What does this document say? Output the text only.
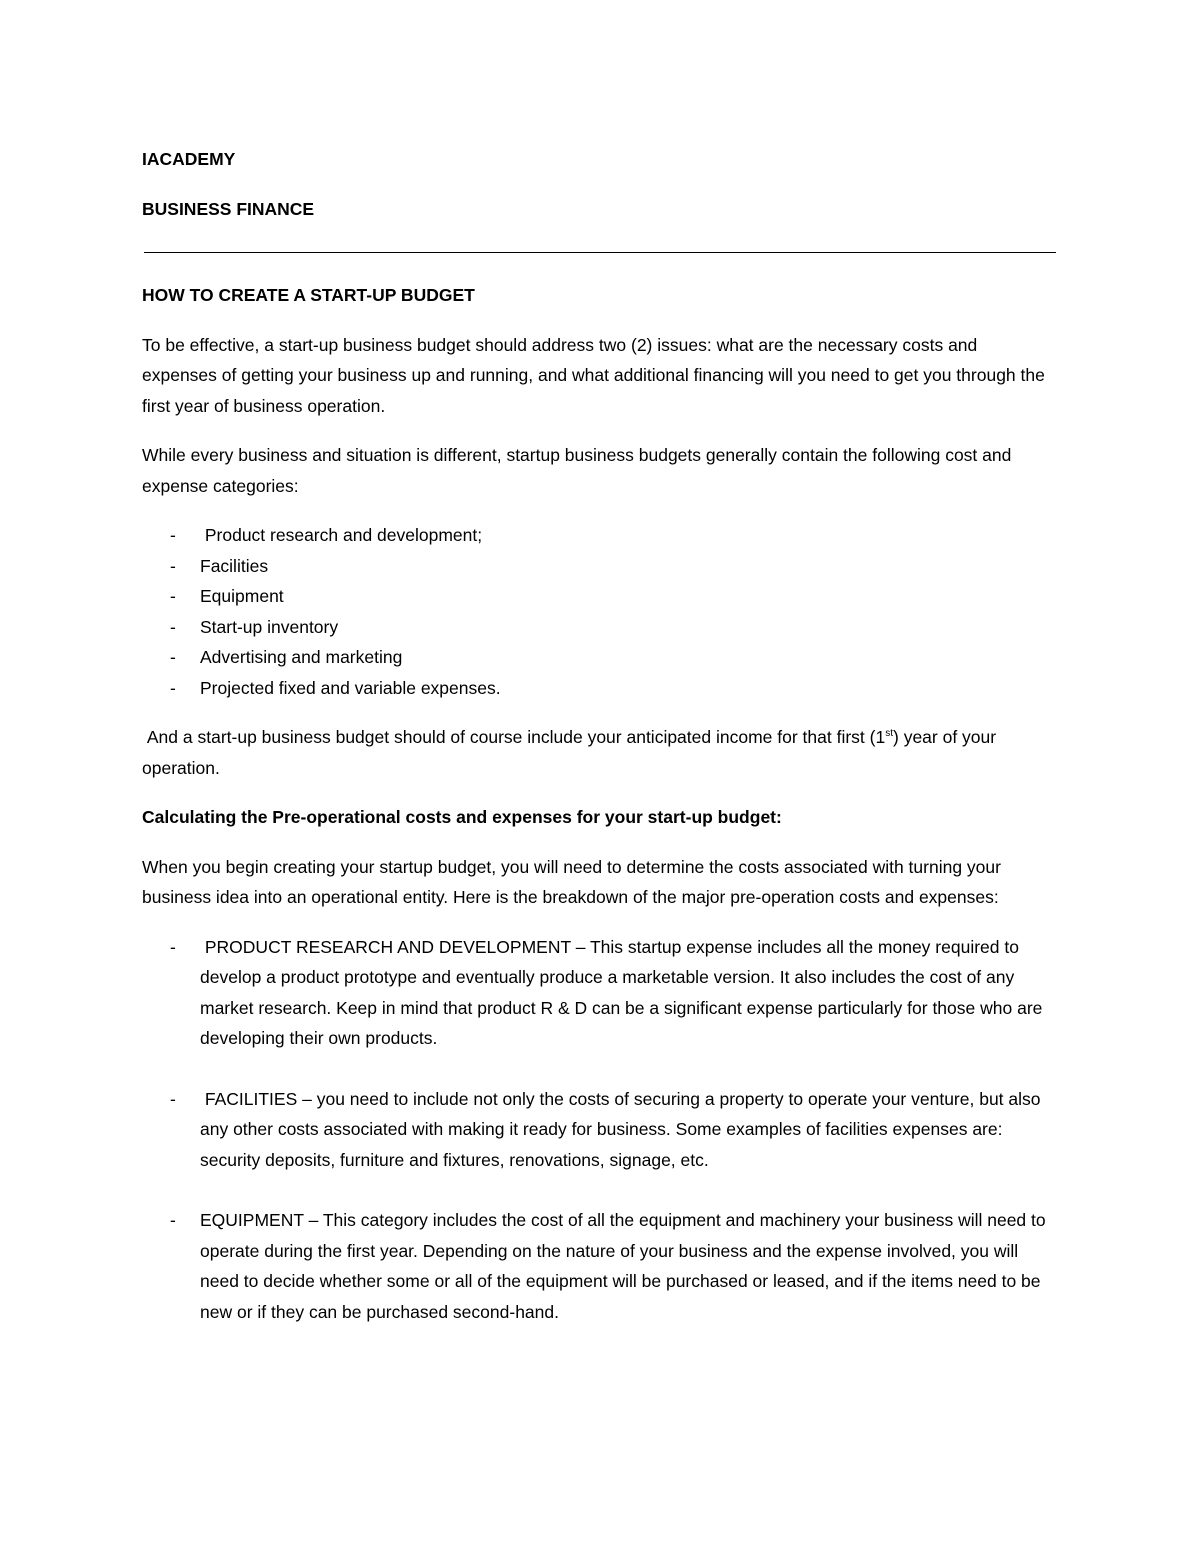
IACADEMY

BUSINESS FINANCE

HOW TO CREATE A START-UP BUDGET

To be effective, a start-up business budget should address two (2) issues: what are the necessary costs and expenses of getting your business up and running, and what additional financing will you need to get you through the first year of business operation.

While every business and situation is different, startup business budgets generally contain the following cost and expense categories:

- Product research and development;
- Facilities
- Equipment
- Start-up inventory
- Advertising and marketing
- Projected fixed and variable expenses.

And a start-up business budget should of course include your anticipated income for that first (1st) year of your operation.

Calculating the Pre-operational costs and expenses for your start-up budget:

When you begin creating your startup budget, you will need to determine the costs associated with turning your business idea into an operational entity. Here is the breakdown of the major pre-operation costs and expenses:

- PRODUCT RESEARCH AND DEVELOPMENT – This startup expense includes all the money required to develop a product prototype and eventually produce a marketable version. It also includes the cost of any market research. Keep in mind that product R & D can be a significant expense particularly for those who are developing their own products.
- FACILITIES – you need to include not only the costs of securing a property to operate your venture, but also any other costs associated with making it ready for business. Some examples of facilities expenses are: security deposits, furniture and fixtures, renovations, signage, etc.
- EQUIPMENT – This category includes the cost of all the equipment and machinery your business will need to operate during the first year. Depending on the nature of your business and the expense involved, you will need to decide whether some or all of the equipment will be purchased or leased, and if the items need to be new or if they can be purchased second-hand.
